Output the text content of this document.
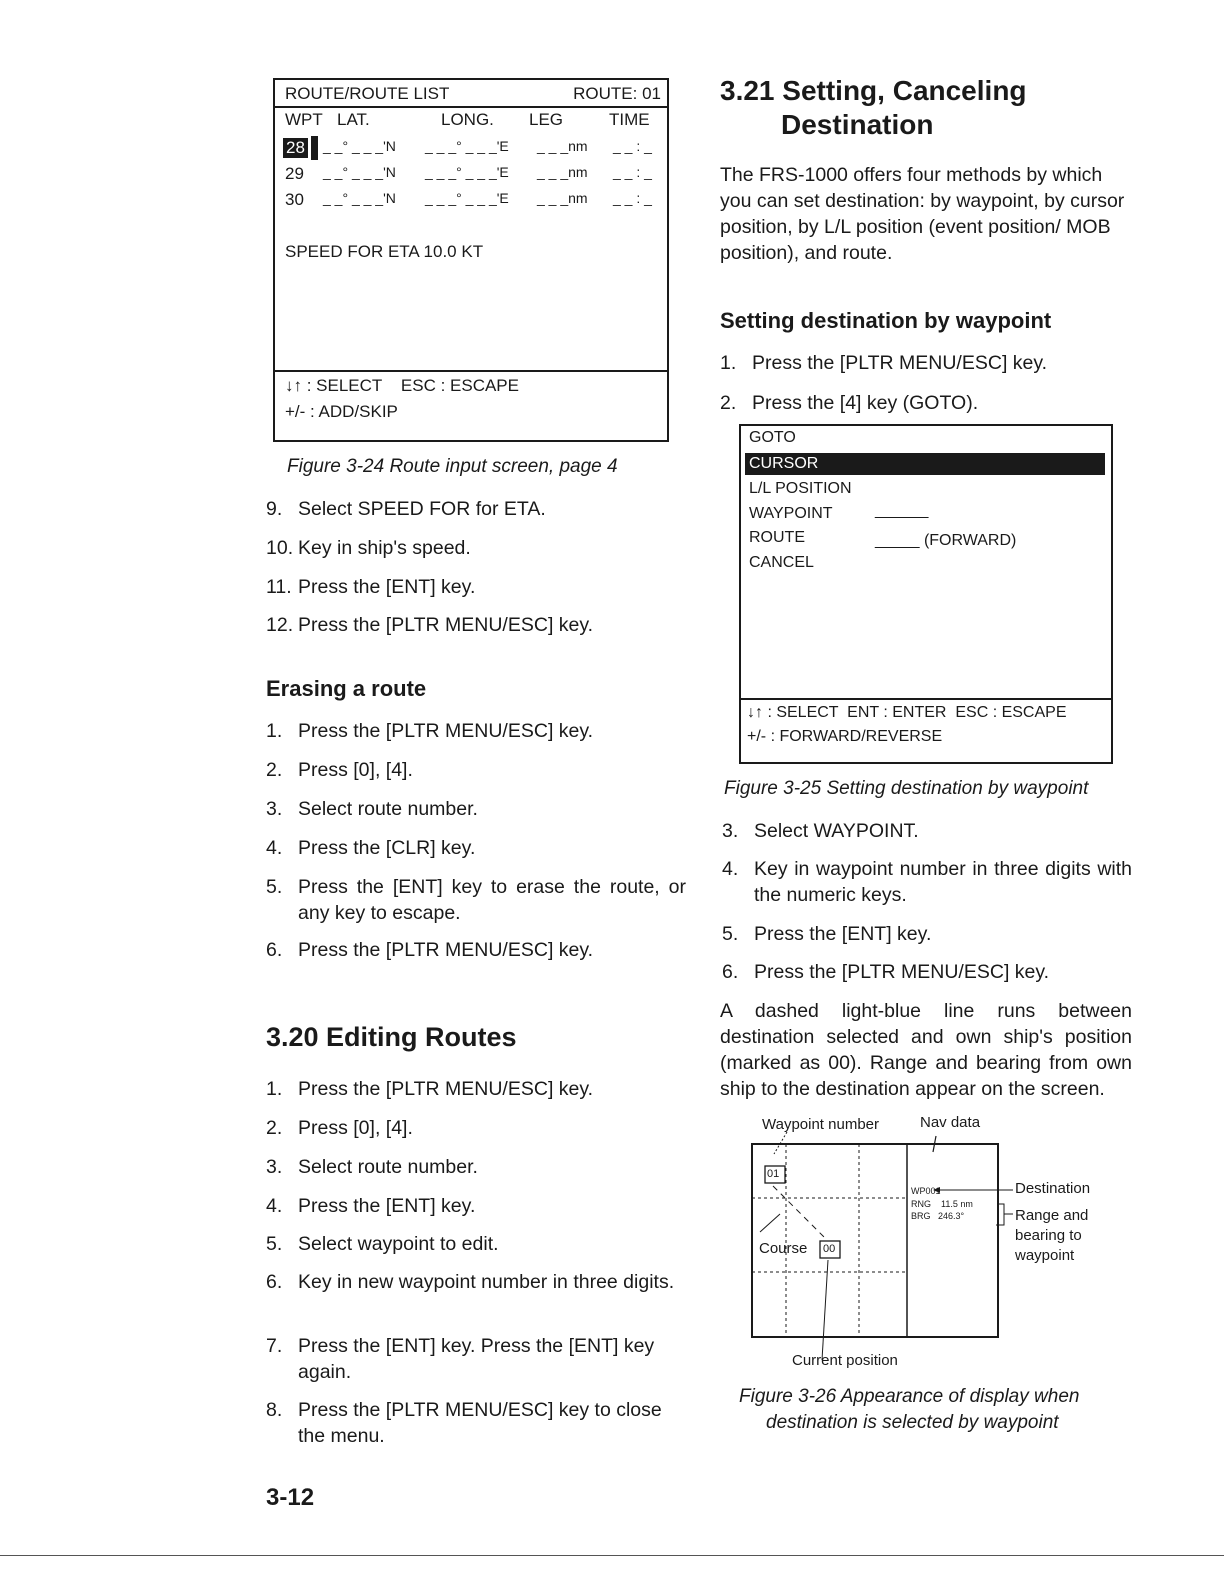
ROUTE/ROUTE LIST	ROUTE: 01
WPT LAT.	LONG. LEG	TIME
28 _ _° _ _ _'N _ _ _° _ _ _'E _ _ _nm _ _ : _
29 _ _° _ _ _'N _ _ _° _ _ _'E _ _ _nm _ _ : _
30 _ _° _ _ _'N _ _ _° _ _ _'E _ _ _nm _ _ : _
SPEED FOR ETA 10.0 KT
↓↑ : SELECT    ESC : ESCAPE
+/- : ADD/SKIP
Figure 3-24 Route input screen, page 4
9. Select SPEED FOR for ETA.
10. Key in ship's speed.
11. Press the [ENT] key.
12. Press the [PLTR MENU/ESC] key.
Erasing a route
1. Press the [PLTR MENU/ESC] key.
2. Press [0], [4].
3. Select route number.
4. Press the [CLR] key.
5. Press the [ENT] key to erase the route, or any key to escape.
6. Press the [PLTR MENU/ESC] key.
3.20 Editing Routes
1. Press the [PLTR MENU/ESC] key.
2. Press [0], [4].
3. Select route number.
4. Press the [ENT] key.
5. Select waypoint to edit.
6. Key in new waypoint number in three digits.
7. Press the [ENT] key. Press the [ENT] key again.
8. Press the [PLTR MENU/ESC] key to close the menu.
3-12
3.21 Setting, Canceling
Destination
The FRS-1000 offers four methods by which you can set destination: by waypoint, by cursor position, by L/L position (event position/ MOB position), and route.
Setting destination by waypoint
1. Press the [PLTR MENU/ESC] key.
2. Press the [4] key (GOTO).
GOTO
CURSOR
L/L POSITION
WAYPOINT	______
ROUTE	_____ (FORWARD)
CANCEL
↓↑ : SELECT  ENT : ENTER  ESC : ESCAPE
+/- : FORWARD/REVERSE
Figure 3-25 Setting destination by waypoint
3. Select WAYPOINT.
4. Key in waypoint number in three digits with the numeric keys.
5. Press the [ENT] key.
6. Press the [PLTR MENU/ESC] key.
A dashed light-blue line runs between destination selected and own ship's position (marked as 00). Range and bearing from own ship to the destination appear on the screen.
Waypoint number	Nav data
01
00
Course
WP001
RNG    11.5 nm
BRG   246.3°
Destination
Range and bearing to waypoint
Current position
Figure 3-26 Appearance of display when
destination is selected by waypoint
